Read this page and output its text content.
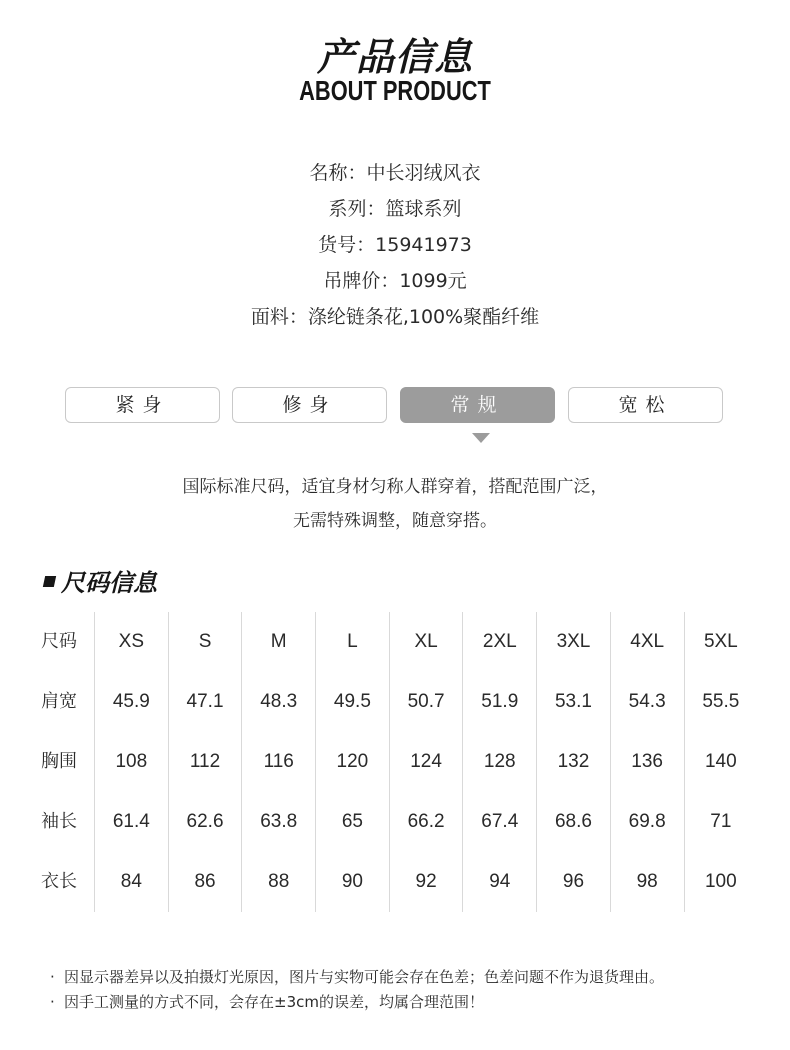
产品信息
ABOUT PRODUCT
名称：中长羽绒风衣
系列：篮球系列
货号：15941973
吊牌价：1099元
面料：涤纶链条花,100%聚酯纤维
紧身	修身	常规	宽松
国际标准尺码，适宜身材匀称人群穿着，搭配范围广泛，
无需特殊调整，随意穿搭。
尺码信息
尺码	XS	S	M	L	XL	2XL	3XL	4XL	5XL
肩宽	45.9	47.1	48.3	49.5	50.7	51.9	53.1	54.3	55.5
胸围	108	112	116	120	124	128	132	136	140
袖长	61.4	62.6	63.8	65	66.2	67.4	68.6	69.8	71
衣长	84	86	88	90	92	94	96	98	100
· 因显示器差异以及拍摄灯光原因，图片与实物可能会存在色差；色差问题不作为退货理由。
· 因手工测量的方式不同，会存在±3cm的误差，均属合理范围！
